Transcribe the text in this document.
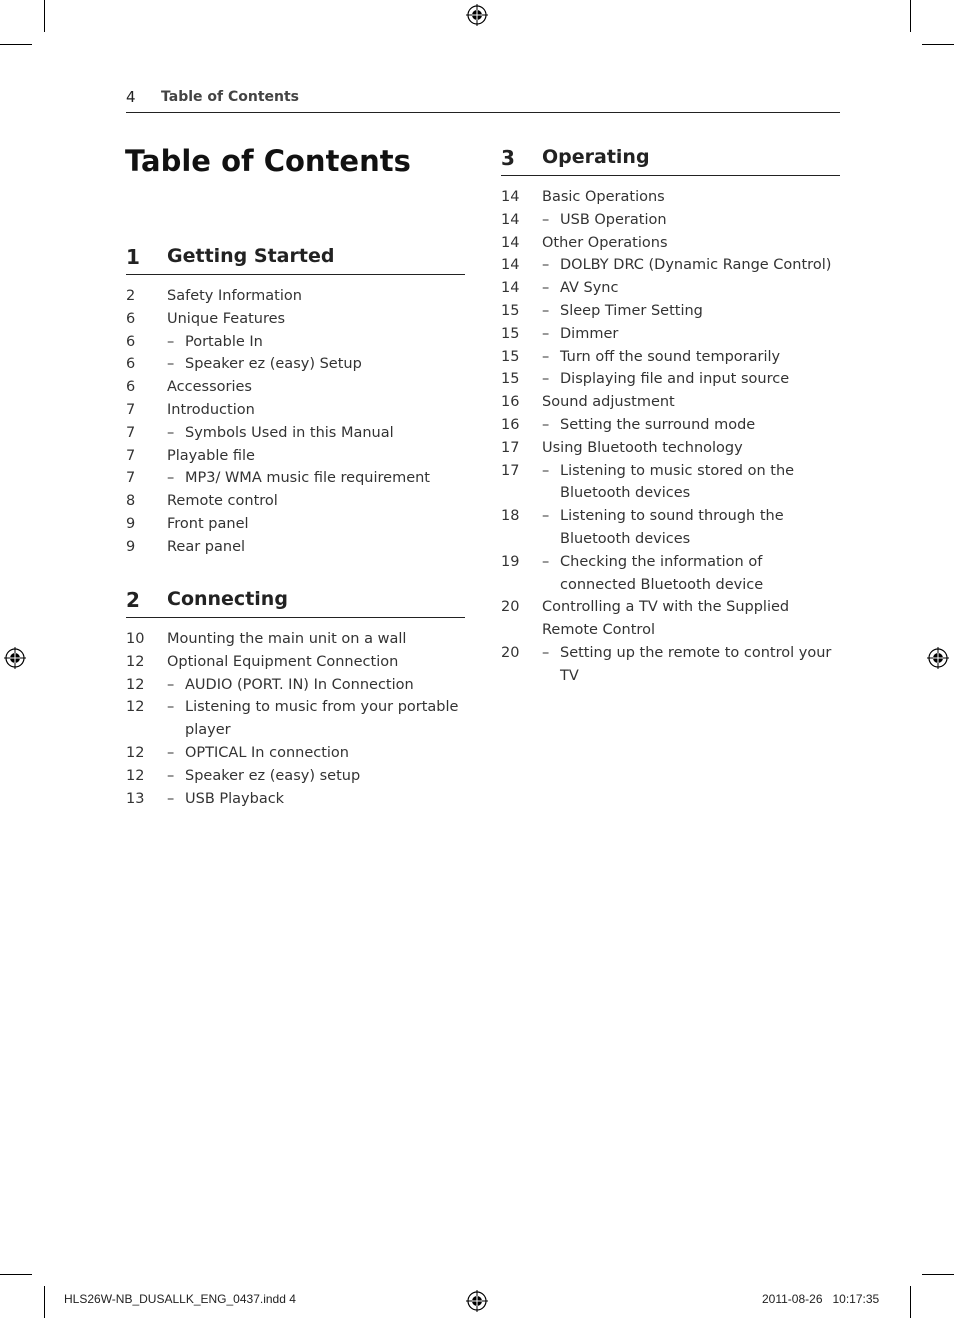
4 Table of Contents
Table of Contents
1 Getting Started
2	Safety Information
6	Unique Features
6 – Portable In
6 – Speaker ez (easy) Setup
6	Accessories
7	Introduction
7 – Symbols Used in this Manual
7	Playable file
7 – MP3/ WMA music file requirement
8	Remote control
9	Front panel
9	Rear panel
2 Connecting
10	Mounting the main unit on a wall
12	Optional Equipment Connection
12 – AUDIO (PORT. IN) In Connection
12 – Listening to music from your portable player
12 – OPTICAL In connection
12 – Speaker ez (easy) setup
13 – USB Playback
3 Operating
14	Basic Operations
14 – USB Operation
14	Other Operations
14 – DOLBY DRC (Dynamic Range Control)
14 – AV Sync
15 – Sleep Timer Setting
15 – Dimmer
15 – Turn off the sound temporarily
15 – Displaying file and input source
16	Sound adjustment
16 – Setting the surround mode
17	Using Bluetooth technology
17 – Listening to music stored on the Bluetooth devices
18 – Listening to sound through the Bluetooth devices
19 – Checking the information of connected Bluetooth device
20	Controlling a TV with the Supplied Remote Control
20 – Setting up the remote to control your TV
HLS26W-NB_DUSALLK_ENG_0437.indd 4	2011-08-26   10:17:35
